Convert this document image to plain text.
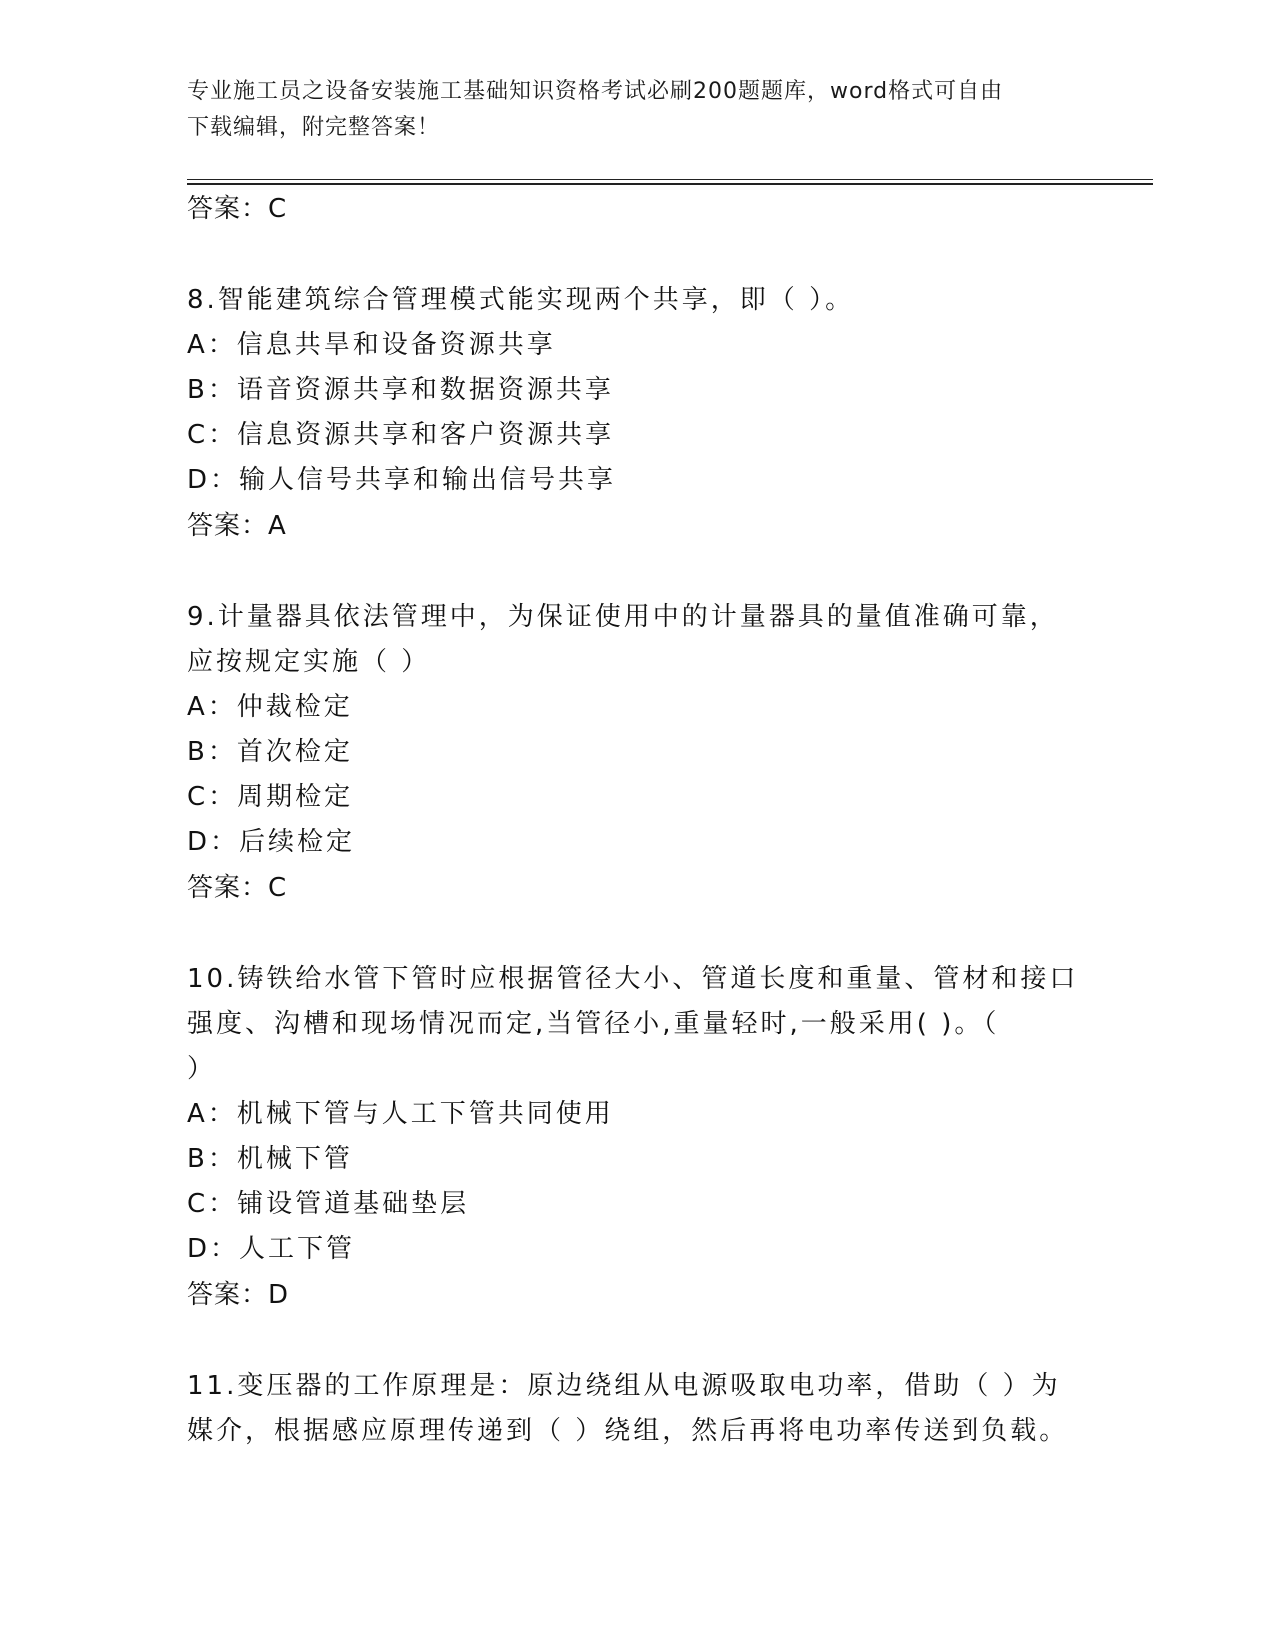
专业施工员之设备安装施工基础知识资格考试必刷200题题库，word格式可自由
下载编辑，附完整答案！
答案：C
8.智能建筑综合管理模式能实现两个共享，即（ ）。
A：信息共旱和设备资源共享
B：语音资源共享和数据资源共享
C：信息资源共享和客户资源共享
D：输人信号共享和输出信号共享
答案：A
9.计量器具依法管理中，为保证使用中的计量器具的量值准确可靠，
应按规定实施（ ）
A：仲裁检定
B：首次检定
C：周期检定
D：后续检定
答案：C
10.铸铁给水管下管时应根据管径大小、管道长度和重量、管材和接口
强度、沟槽和现场情况而定,当管径小,重量轻时,一般采用( )。（
）
A：机械下管与人工下管共同使用
B：机械下管
C：铺设管道基础垫层
D：人工下管
答案：D
11.变压器的工作原理是：原边绕组从电源吸取电功率，借助（ ）为
媒介，根据感应原理传递到（ ）绕组，然后再将电功率传送到负载。
